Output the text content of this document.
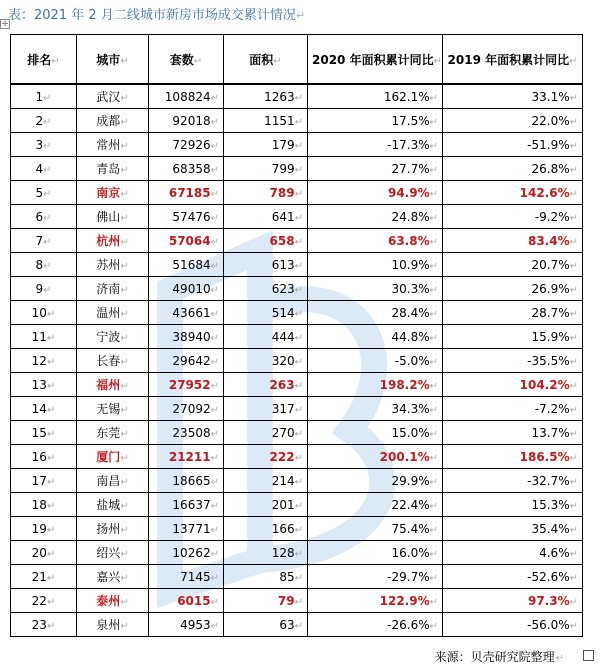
表：2021 年 2 月二线城市新房市场成交累计情况↵
✛
排名↵	城市↵	套数↵	面积↵	2020 年面积累计同比↵	2019 年面积累计同比↵
1↵	武汉↵	108824↵	1263↵	162.1%↵	33.1%↵
2↵	成都↵	92018↵	1151↵	17.5%↵	22.0%↵
3↵	常州↵	72926↵	179↵	-17.3%↵	-51.9%↵
4↵	青岛↵	68358↵	799↵	27.7%↵	26.8%↵
5↵	南京↵	67185↵	789↵	94.9%↵	142.6%↵
6↵	佛山↵	57476↵	641↵	24.8%↵	-9.2%↵
7↵	杭州↵	57064↵	658↵	63.8%↵	83.4%↵
8↵	苏州↵	51684↵	613↵	10.9%↵	20.7%↵
9↵	济南↵	49010↵	623↵	30.3%↵	26.9%↵
10↵	温州↵	43661↵	514↵	28.4%↵	28.7%↵
11↵	宁波↵	38940↵	444↵	44.8%↵	15.9%↵
12↵	长春↵	29642↵	320↵	-5.0%↵	-35.5%↵
13↵	福州↵	27952↵	263↵	198.2%↵	104.2%↵
14↵	无锡↵	27092↵	317↵	34.3%↵	-7.2%↵
15↵	东莞↵	23508↵	270↵	15.0%↵	13.7%↵
16↵	厦门↵	21211↵	222↵	200.1%↵	186.5%↵
17↵	南昌↵	18665↵	214↵	29.9%↵	-32.7%↵
18↵	盐城↵	16637↵	201↵	22.4%↵	15.3%↵
19↵	扬州↵	13771↵	166↵	75.4%↵	35.4%↵
20↵	绍兴↵	10262↵	128↵	16.0%↵	4.6%↵
21↵	嘉兴↵	7145↵	85↵	-29.7%↵	-52.6%↵
22↵	泰州↵	6015↵	79↵	122.9%↵	97.3%↵
23↵	泉州↵	4953↵	63↵	-26.6%↵	-56.0%↵
来源：贝壳研究院整理↵
